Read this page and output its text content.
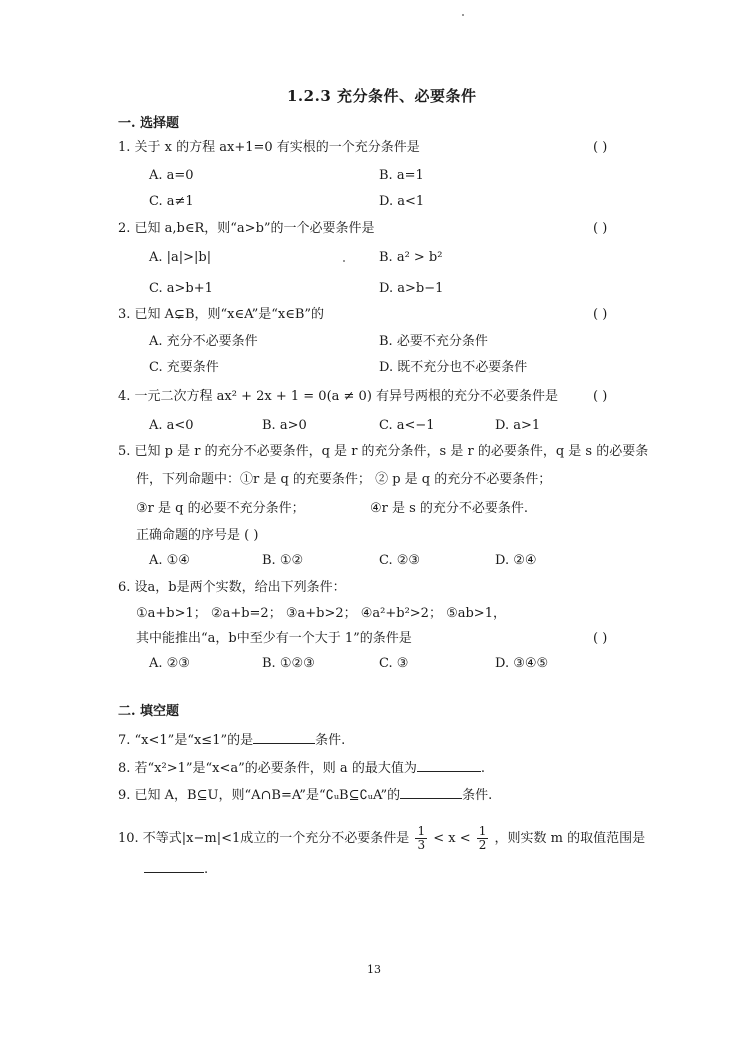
1.2.3 充分条件、必要条件
一. 选择题
1. 关于 x 的方程 ax+1=0 有实根的一个充分条件是	( )
A. a=0	B. a=1
C. a≠1	D. a<1
2. 已知 a,b∈R，则“a>b”的一个必要条件是	( )
A. |a|>|b|	B. a² > b²
C. a>b+1	D. a>b−1
3. 已知 A⊊B，则“x∈A”是“x∈B”的	( )
A. 充分不必要条件	B. 必要不充分条件
C. 充要条件	D. 既不充分也不必要条件
4. 一元二次方程 ax² + 2x + 1 = 0(a ≠ 0) 有异号两根的充分不必要条件是	( )
A. a<0	B. a>0	C. a<−1	D. a>1
5. 已知 p 是 r 的充分不必要条件，q 是 r 的充分条件，s 是 r 的必要条件，q 是 s 的必要条
件，下列命题中：①r 是 q 的充要条件； ② p 是 q 的充分不必要条件；
③r 是 q 的必要不充分条件；	④r 是 s 的充分不必要条件.
正确命题的序号是 ( )
A. ①④	B. ①②	C. ②③	D. ②④
6. 设a，b是两个实数，给出下列条件：
①a+b>1； ②a+b=2； ③a+b>2； ④a²+b²>2； ⑤ab>1，
其中能推出“a，b中至少有一个大于 1”的条件是	( )
A. ②③	B. ①②③	C. ③	D. ③④⑤
二. 填空题
7. “x<1”是“x≤1”的是	条件.
8. 若“x²>1”是“x<a”的必要条件，则 a 的最大值为	.
9. 已知 A，B⊆U，则“A∩B=A”是“∁ᵤB⊆∁ᵤA”的	条件.
10. 不等式|x−m|<1成立的一个充分不必要条件是 $\frac{1}{3} < x < \frac{1}{2}$ ，则实数 m 的取值范围是
.
13
